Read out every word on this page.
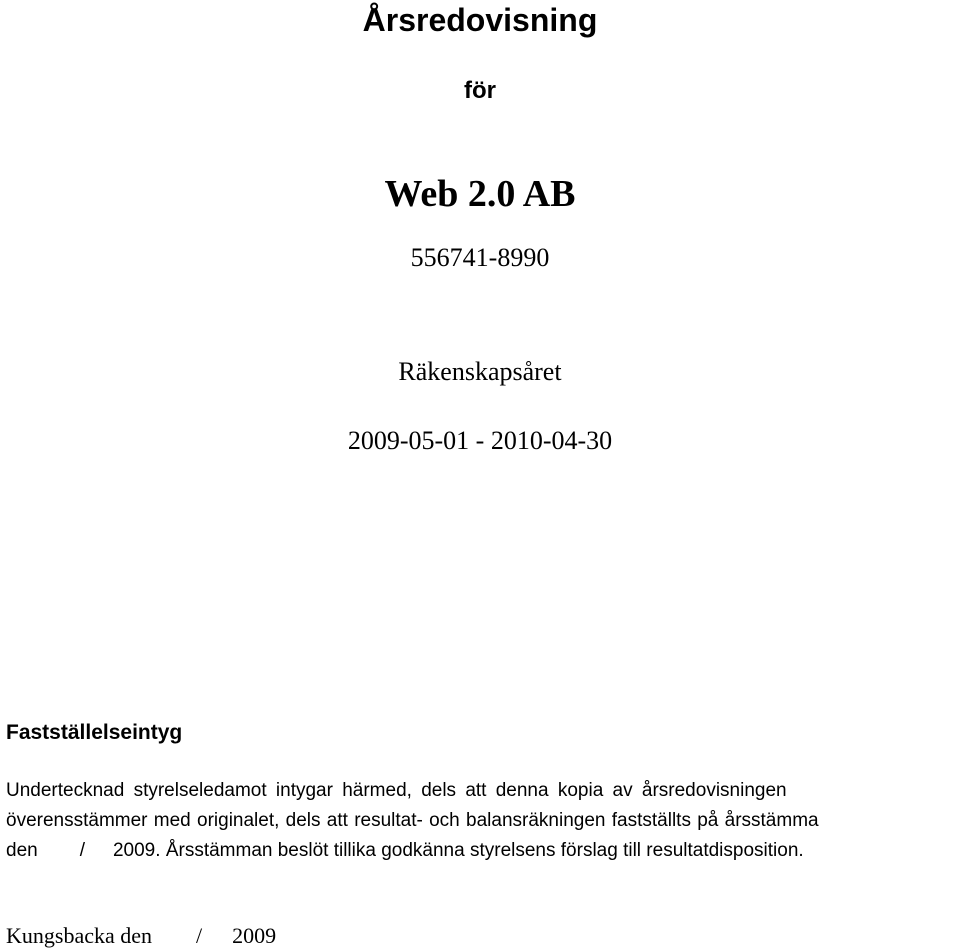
Årsredovisning
för
Web 2.0 AB
556741-8990
Räkenskapsåret
2009-05-01 - 2010-04-30
Fastställelseintyg
Undertecknad styrelseledamot intygar härmed, dels att denna kopia av årsredovisningen
överensstämmer med originalet, dels att resultat- och balansräkningen fastställts på årsstämma
den / 2009. Årsstämman beslöt tillika godkänna styrelsens förslag till resultatdisposition.
Kungsbacka den / 2009
